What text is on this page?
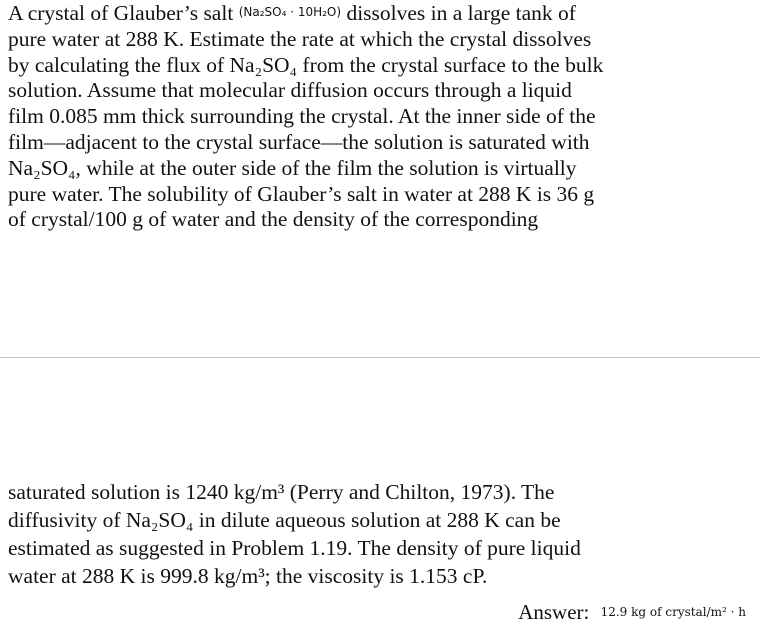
A crystal of Glauber’s salt (Na₂SO₄ · 10H₂O) dissolves in a large tank of
pure water at 288 K. Estimate the rate at which the crystal dissolves
by calculating the flux of Na₂SO₄ from the crystal surface to the bulk
solution. Assume that molecular diffusion occurs through a liquid
film 0.085 mm thick surrounding the crystal. At the inner side of the
film—adjacent to the crystal surface—the solution is saturated with
Na₂SO₄, while at the outer side of the film the solution is virtually
pure water. The solubility of Glauber’s salt in water at 288 K is 36 g
of crystal/100 g of water and the density of the corresponding
saturated solution is 1240 kg/m³ (Perry and Chilton, 1973). The
diffusivity of Na₂SO₄ in dilute aqueous solution at 288 K can be
estimated as suggested in Problem 1.19. The density of pure liquid
water at 288 K is 999.8 kg/m³; the viscosity is 1.153 cP.
Answer: 12.9 kg of crystal/m² · h
